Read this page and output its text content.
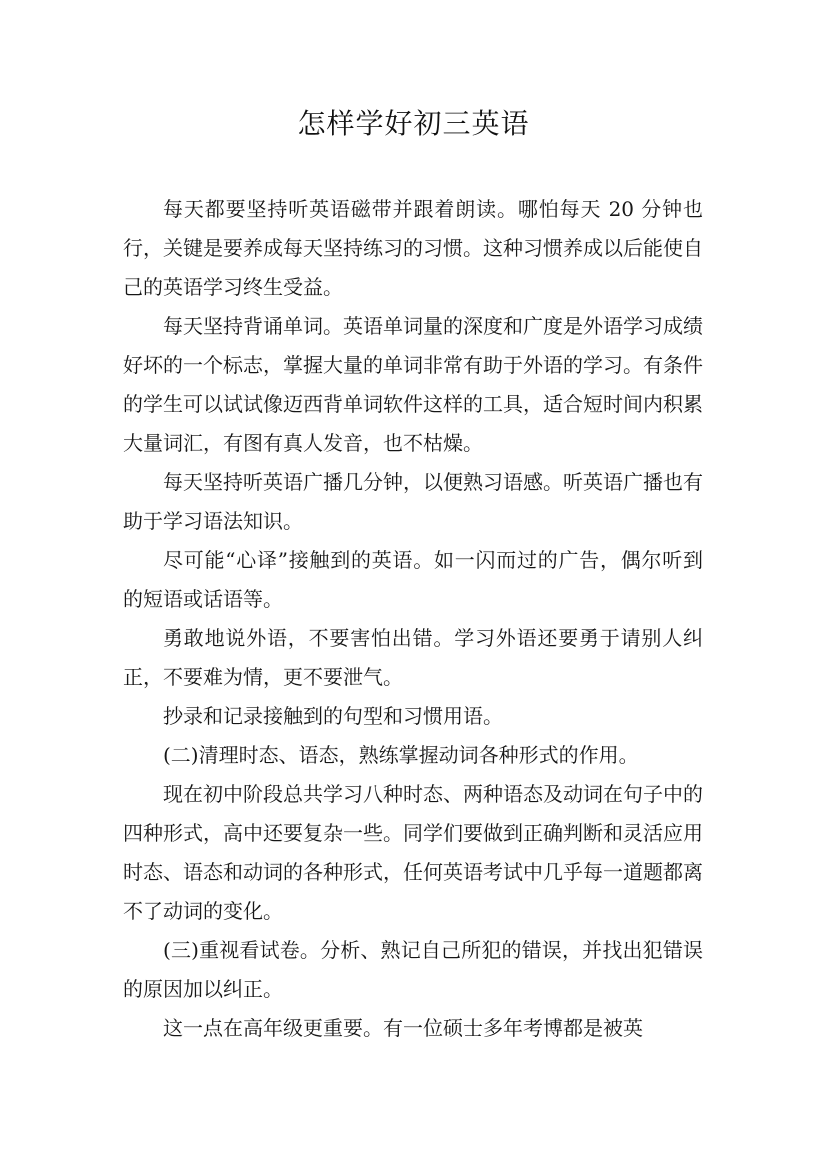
怎样学好初三英语

每天都要坚持听英语磁带并跟着朗读。哪怕每天 20 分钟也行，关键是要养成每天坚持练习的习惯。这种习惯养成以后能使自己的英语学习终生受益。

每天坚持背诵单词。英语单词量的深度和广度是外语学习成绩好坏的一个标志，掌握大量的单词非常有助于外语的学习。有条件的学生可以试试像迈西背单词软件这样的工具，适合短时间内积累大量词汇，有图有真人发音，也不枯燥。

每天坚持听英语广播几分钟，以便熟习语感。听英语广播也有助于学习语法知识。

尽可能“心译”接触到的英语。如一闪而过的广告，偶尔听到的短语或话语等。

勇敢地说外语，不要害怕出错。学习外语还要勇于请别人纠正，不要难为情，更不要泄气。

抄录和记录接触到的句型和习惯用语。

(二)清理时态、语态，熟练掌握动词各种形式的作用。

现在初中阶段总共学习八种时态、两种语态及动词在句子中的四种形式，高中还要复杂一些。同学们要做到正确判断和灵活应用时态、语态和动词的各种形式，任何英语考试中几乎每一道题都离不了动词的变化。

(三)重视看试卷。分析、熟记自己所犯的错误，并找出犯错误的原因加以纠正。

这一点在高年级更重要。有一位硕士多年考博都是被英
